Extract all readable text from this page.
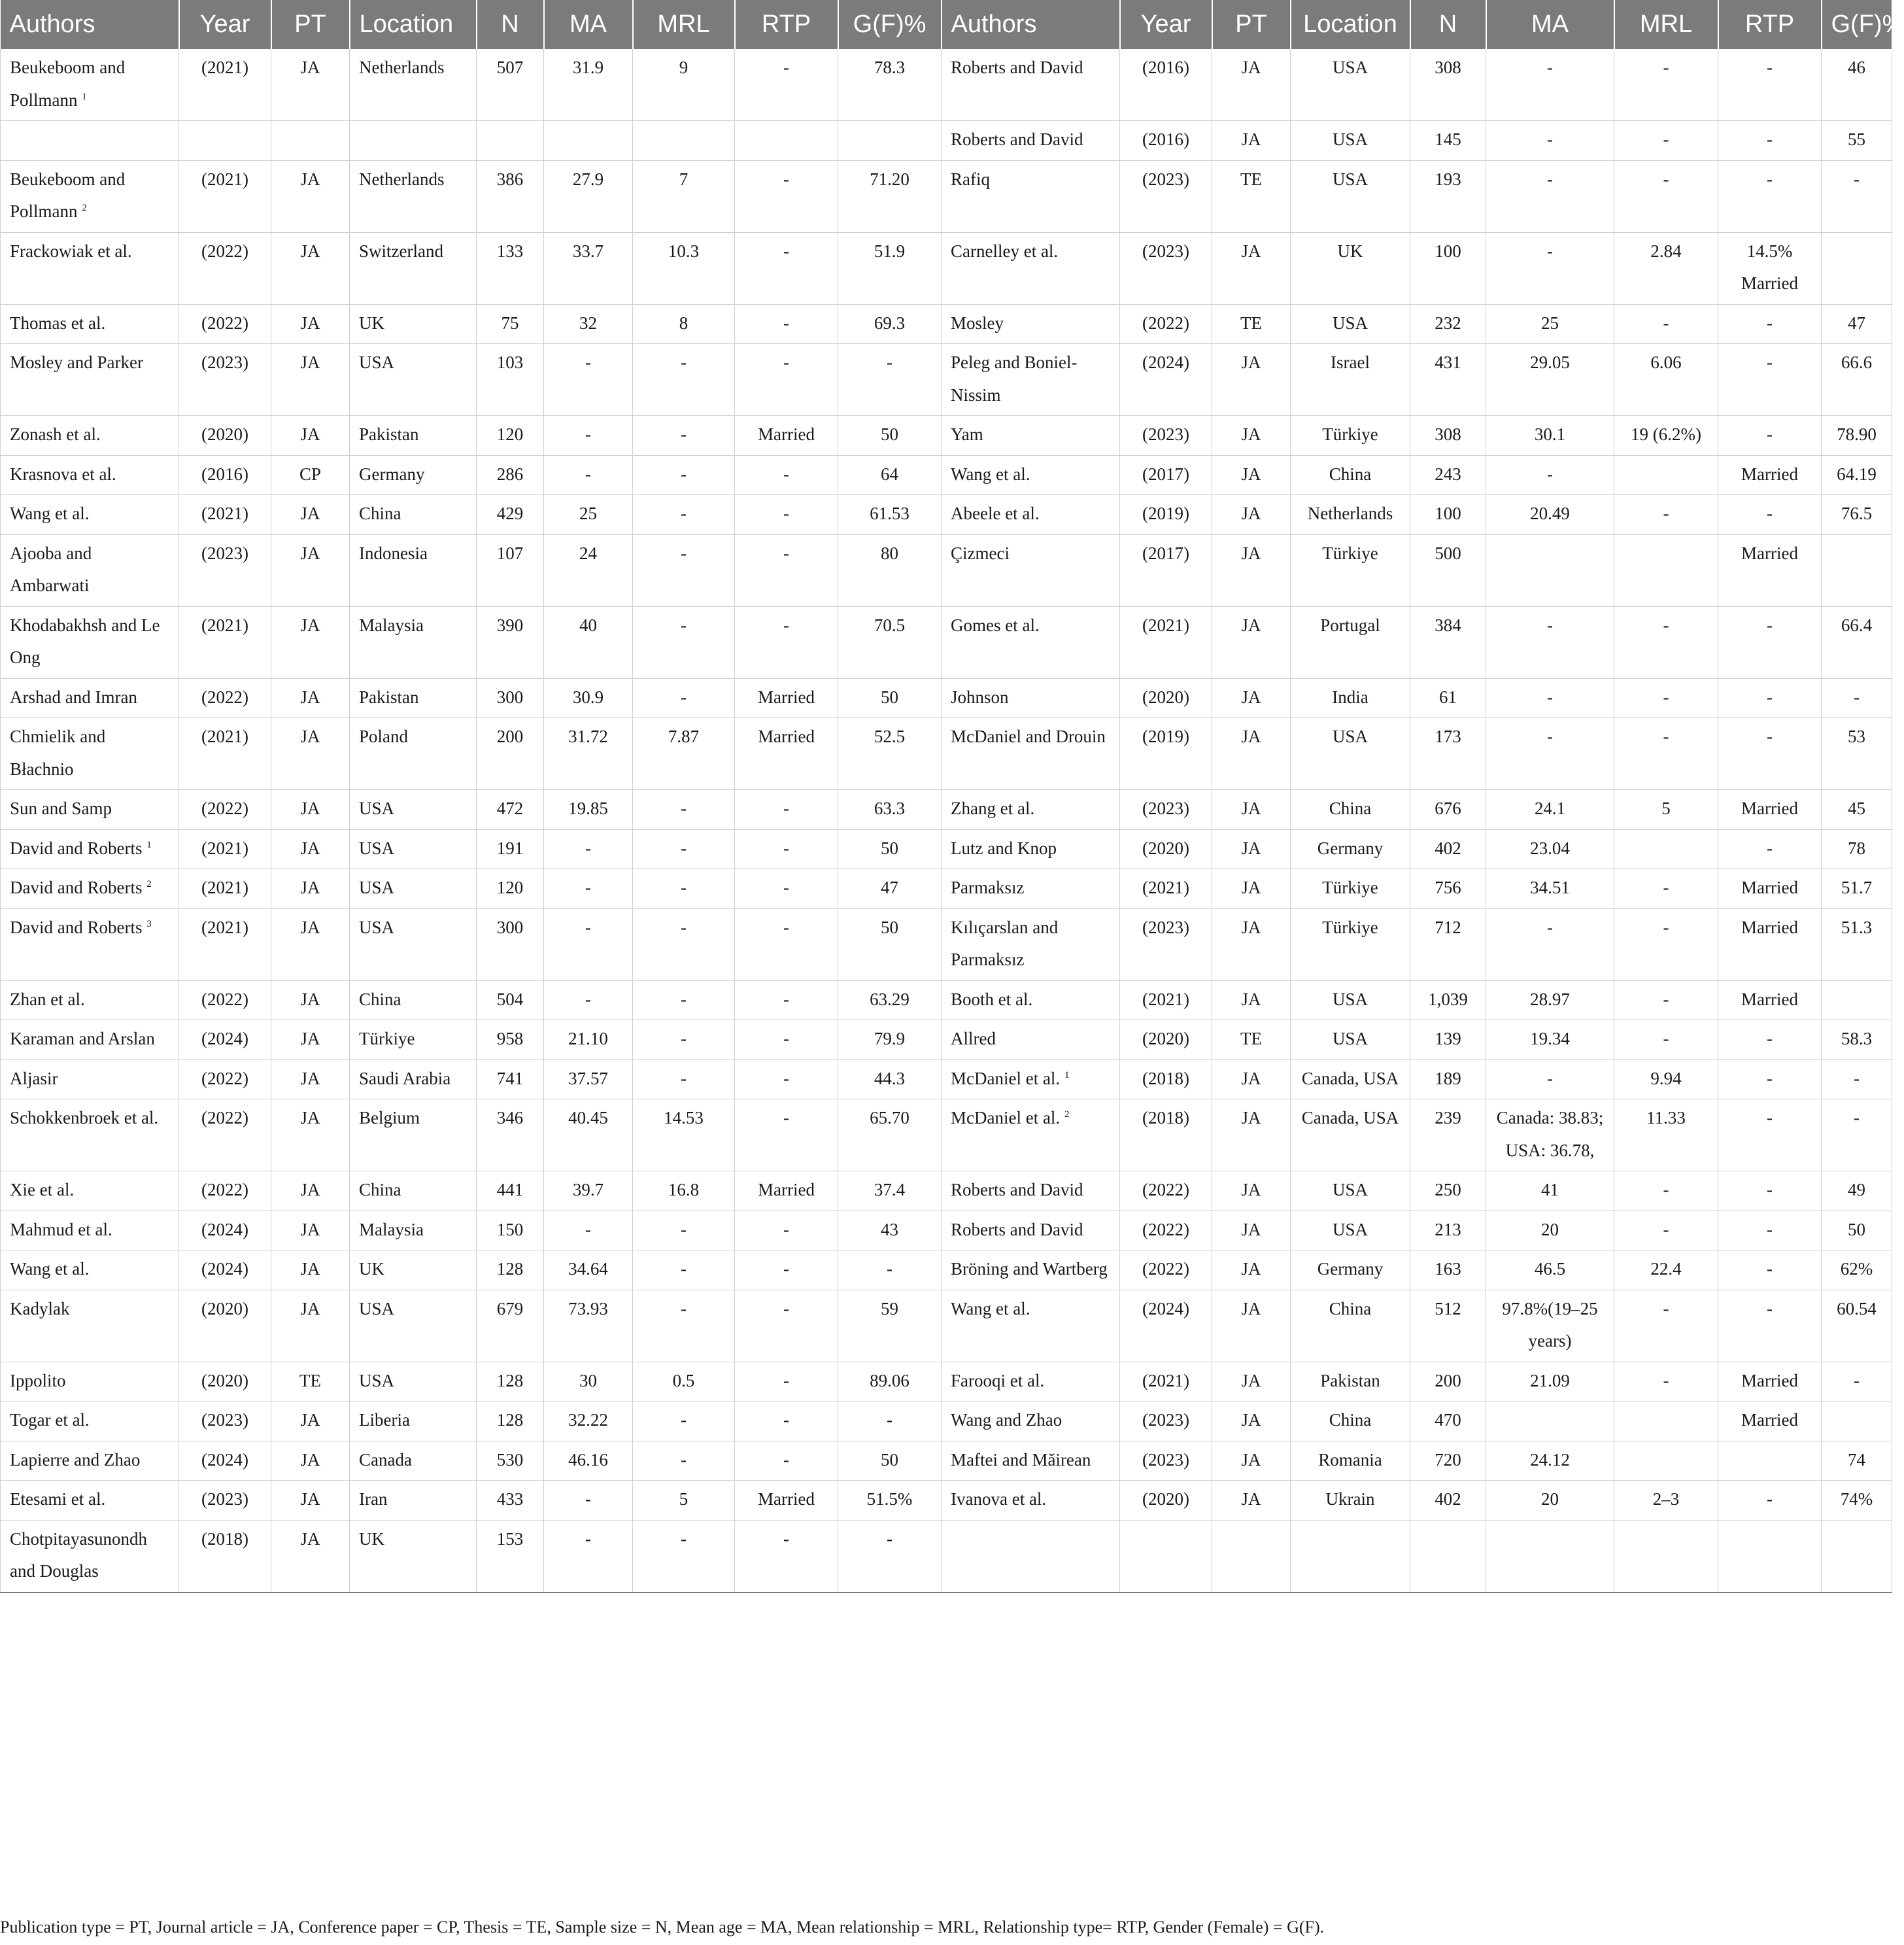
Authors	Year	PT	Location	N	MA	MRL	RTP	G(F)%	Authors	Year	PT	Location	N	MA	MRL	RTP	G(F)%
Beukeboom and Pollmann $^1$	(2021)	JA	Netherlands	507	31.9	9	-	78.3	Roberts and David	(2016)	JA	USA	308	-	-	-	46
									Roberts and David	(2016)	JA	USA	145	-	-	-	55
Beukeboom and Pollmann $^2$	(2021)	JA	Netherlands	386	27.9	7	-	71.20	Rafiq	(2023)	TE	USA	193	-	-	-	-
Frackowiak et al.	(2022)	JA	Switzerland	133	33.7	10.3	-	51.9	Carnelley et al.	(2023)	JA	UK	100	-	2.84	14.5% Married	
Thomas et al.	(2022)	JA	UK	75	32	8	-	69.3	Mosley	(2022)	TE	USA	232	25	-	-	47
Mosley and Parker	(2023)	JA	USA	103	-	-	-	-	Peleg and Boniel-Nissim	(2024)	JA	Israel	431	29.05	6.06	-	66.6
Zonash et al.	(2020)	JA	Pakistan	120	-	-	Married	50	Yam	(2023)	JA	Türkiye	308	30.1	19 (6.2%)	-	78.90
Krasnova et al.	(2016)	CP	Germany	286	-	-	-	64	Wang et al.	(2017)	JA	China	243	-		Married	64.19
Wang et al.	(2021)	JA	China	429	25	-	-	61.53	Abeele et al.	(2019)	JA	Netherlands	100	20.49	-	-	76.5
Ajooba and Ambarwati	(2023)	JA	Indonesia	107	24	-	-	80	Çizmeci	(2017)	JA	Türkiye	500			Married	
Khodabakhsh and Le Ong	(2021)	JA	Malaysia	390	40	-	-	70.5	Gomes et al.	(2021)	JA	Portugal	384	-	-	-	66.4
Arshad and Imran	(2022)	JA	Pakistan	300	30.9	-	Married	50	Johnson	(2020)	JA	India	61	-	-	-	-
Chmielik and Błachnio	(2021)	JA	Poland	200	31.72	7.87	Married	52.5	McDaniel and Drouin	(2019)	JA	USA	173	-	-	-	53
Sun and Samp	(2022)	JA	USA	472	19.85	-	-	63.3	Zhang et al.	(2023)	JA	China	676	24.1	5	Married	45
David and Roberts $^1$	(2021)	JA	USA	191	-	-	-	50	Lutz and Knop	(2020)	JA	Germany	402	23.04		-	78
David and Roberts $^2$	(2021)	JA	USA	120	-	-	-	47	Parmaksız	(2021)	JA	Türkiye	756	34.51	-	Married	51.7
David and Roberts $^3$	(2021)	JA	USA	300	-	-	-	50	Kılıçarslan and Parmaksız	(2023)	JA	Türkiye	712	-	-	Married	51.3
Zhan et al.	(2022)	JA	China	504	-	-	-	63.29	Booth et al.	(2021)	JA	USA	1,039	28.97	-	Married	
Karaman and Arslan	(2024)	JA	Türkiye	958	21.10	-	-	79.9	Allred	(2020)	TE	USA	139	19.34	-	-	58.3
Aljasir	(2022)	JA	Saudi Arabia	741	37.57	-	-	44.3	McDaniel et al. $^1$	(2018)	JA	Canada, USA	189	-	9.94	-	-
Schokkenbroek et al.	(2022)	JA	Belgium	346	40.45	14.53	-	65.70	McDaniel et al. $^2$	(2018)	JA	Canada, USA	239	Canada: 38.83; USA: 36.78,	11.33	-	-
Xie et al.	(2022)	JA	China	441	39.7	16.8	Married	37.4	Roberts and David	(2022)	JA	USA	250	41	-	-	49
Mahmud et al.	(2024)	JA	Malaysia	150	-	-	-	43	Roberts and David	(2022)	JA	USA	213	20	-	-	50
Wang et al.	(2024)	JA	UK	128	34.64	-	-	-	Bröning and Wartberg	(2022)	JA	Germany	163	46.5	22.4	-	62%
Kadylak	(2020)	JA	USA	679	73.93	-	-	59	Wang et al.	(2024)	JA	China	512	97.8%(19–25 years)	-	-	60.54
Ippolito	(2020)	TE	USA	128	30	0.5	-	89.06	Farooqi et al.	(2021)	JA	Pakistan	200	21.09	-	Married	-
Togar et al.	(2023)	JA	Liberia	128	32.22	-	-	-	Wang and Zhao	(2023)	JA	China	470			Married	
Lapierre and Zhao	(2024)	JA	Canada	530	46.16	-	-	50	Maftei and Măirean	(2023)	JA	Romania	720	24.12			74
Etesami et al.	(2023)	JA	Iran	433	-	5	Married	51.5%	Ivanova et al.	(2020)	JA	Ukrain	402	20	2–3	-	74%
Chotpitayasunondh and Douglas	(2018)	JA	UK	153	-	-	-	-									
Publication type = PT, Journal article = JA, Conference paper = CP, Thesis = TE, Sample size = N, Mean age = MA, Mean relationship = MRL, Relationship type= RTP, Gender (Female) = G(F).
